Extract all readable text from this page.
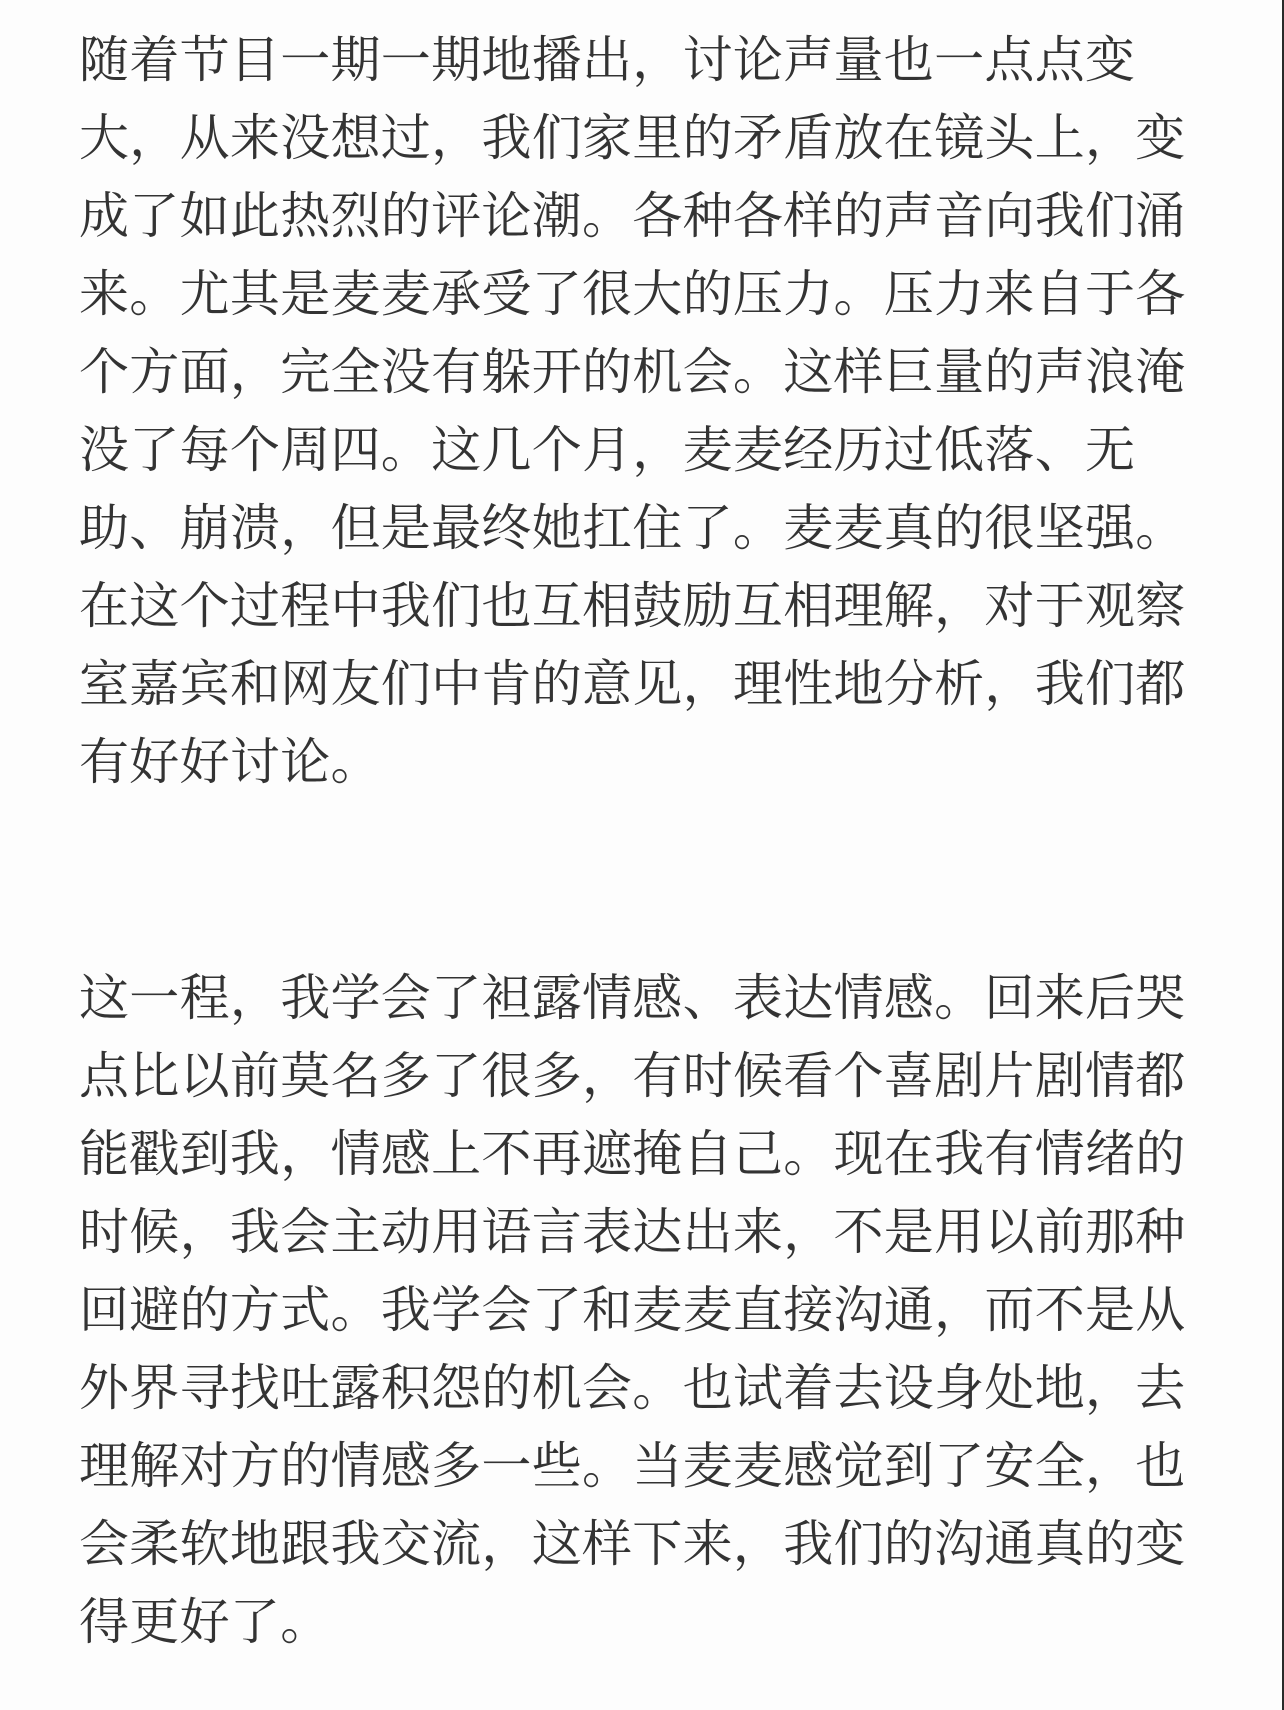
随着节目一期一期地播出，讨论声量也一点点变
大，从来没想过，我们家里的矛盾放在镜头上，变
成了如此热烈的评论潮。各种各样的声音向我们涌
来。尤其是麦麦承受了很大的压力。压力来自于各
个方面，完全没有躲开的机会。这样巨量的声浪淹
没了每个周四。这几个月，麦麦经历过低落、无
助、崩溃，但是最终她扛住了。麦麦真的很坚强。
在这个过程中我们也互相鼓励互相理解，对于观察
室嘉宾和网友们中肯的意见，理性地分析，我们都
有好好讨论。
这一程，我学会了袒露情感、表达情感。回来后哭
点比以前莫名多了很多，有时候看个喜剧片剧情都
能戳到我，情感上不再遮掩自己。现在我有情绪的
时候，我会主动用语言表达出来，不是用以前那种
回避的方式。我学会了和麦麦直接沟通，而不是从
外界寻找吐露积怨的机会。也试着去设身处地，去
理解对方的情感多一些。当麦麦感觉到了安全，也
会柔软地跟我交流，这样下来，我们的沟通真的变
得更好了。
